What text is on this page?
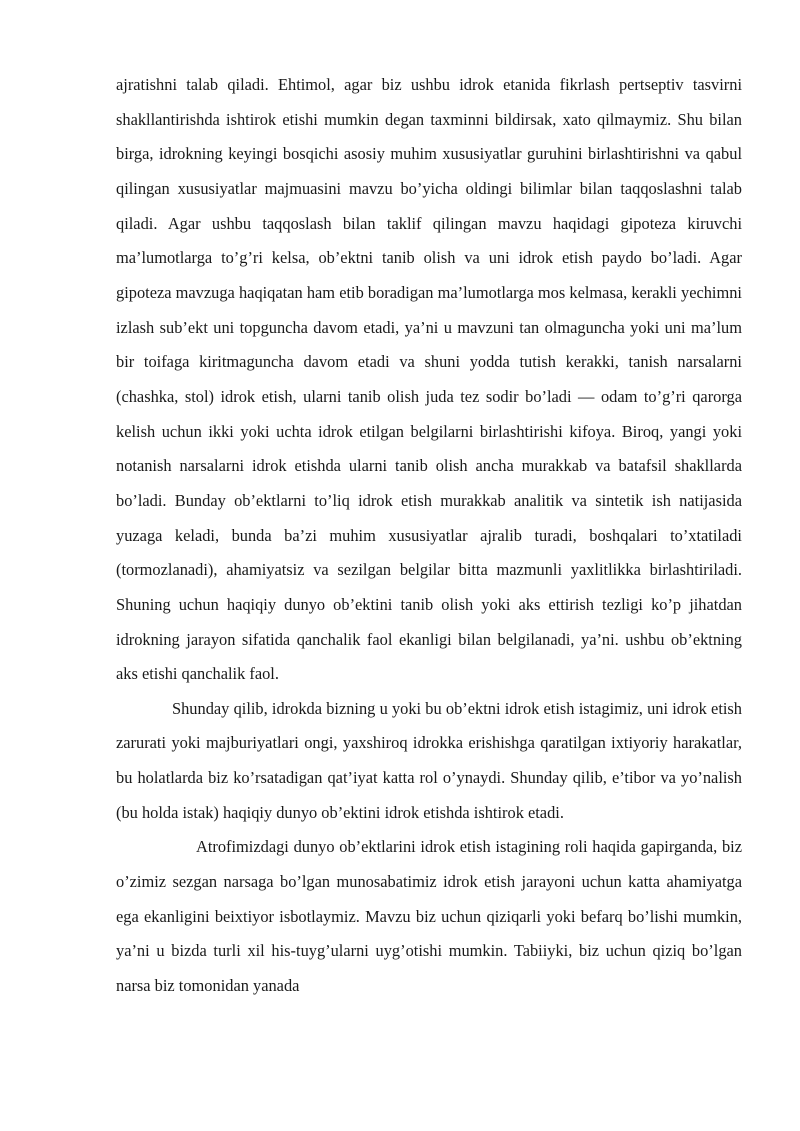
ajratishni talab qiladi. Ehtimol, agar biz ushbu idrok etanida fikrlash pertseptiv tasvirni shakllantirishda ishtirok etishi mumkin degan taxminni bildirsak, xato qilmaymiz. Shu bilan birga, idrokning keyingi bosqichi asosiy muhim xususiyatlar guruhini birlashtirishni va qabul qilingan xususiyatlar majmuasini mavzu bo’yicha oldingi bilimlar bilan taqqoslashni talab qiladi. Agar ushbu taqqoslash bilan taklif qilingan mavzu haqidagi gipoteza kiruvchi ma’lumotlarga to’g’ri kelsa, ob’ektni tanib olish va uni idrok etish paydo bo’ladi. Agar gipoteza mavzuga haqiqatan ham etib boradigan ma’lumotlarga mos kelmasa, kerakli yechimni izlash sub’ekt uni topguncha davom etadi, ya’ni u mavzuni tan olmaguncha yoki uni ma’lum bir toifaga kiritmaguncha davom etadi va shuni yodda tutish kerakki, tanish narsalarni (chashka, stol) idrok etish, ularni tanib olish juda tez sodir bo’ladi — odam to’g’ri qarorga kelish uchun ikki yoki uchta idrok etilgan belgilarni birlashtirishi kifoya. Biroq, yangi yoki notanish narsalarni idrok etishda ularni tanib olish ancha murakkab va batafsil shakllarda bo’ladi. Bunday ob’ektlarni to’liq idrok etish murakkab analitik va sintetik ish natijasida yuzaga keladi, bunda ba’zi muhim xususiyatlar ajralib turadi, boshqalari to’xtatiladi (tormozlanadi), ahamiyatsiz va sezilgan belgilar bitta mazmunli yaxlitlikka birlashtiriladi. Shuning uchun haqiqiy dunyo ob’ektini tanib olish yoki aks ettirish tezligi ko’p jihatdan idrokning jarayon sifatida qanchalik faol ekanligi bilan belgilanadi, ya’ni. ushbu ob’ektning aks etishi qanchalik faol.

Shunday qilib, idrokda bizning u yoki bu ob’ektni idrok etish istagimiz, uni idrok etish zarurati yoki majburiyatlari ongi, yaxshiroq idrokka erishishga qaratilgan ixtiyoriy harakatlar, bu holatlarda biz ko’rsatadigan qat’iyat katta rol o’ynaydi. Shunday qilib, e’tibor va yo’nalish (bu holda istak) haqiqiy dunyo ob’ektini idrok etishda ishtirok etadi.

Atrofimizdagi dunyo ob’ektlarini idrok etish istagining roli haqida gapirganda, biz o’zimiz sezgan narsaga bo’lgan munosabatimiz idrok etish jarayoni uchun katta ahamiyatga ega ekanligini beixtiyor isbotlaymiz. Mavzu biz uchun qiziqarli yoki befarq bo’lishi mumkin, ya’ni u bizda turli xil his-tuyg’ularni uyg’otishi mumkin. Tabiiyki, biz uchun qiziq bo’lgan narsa biz tomonidan yanada
